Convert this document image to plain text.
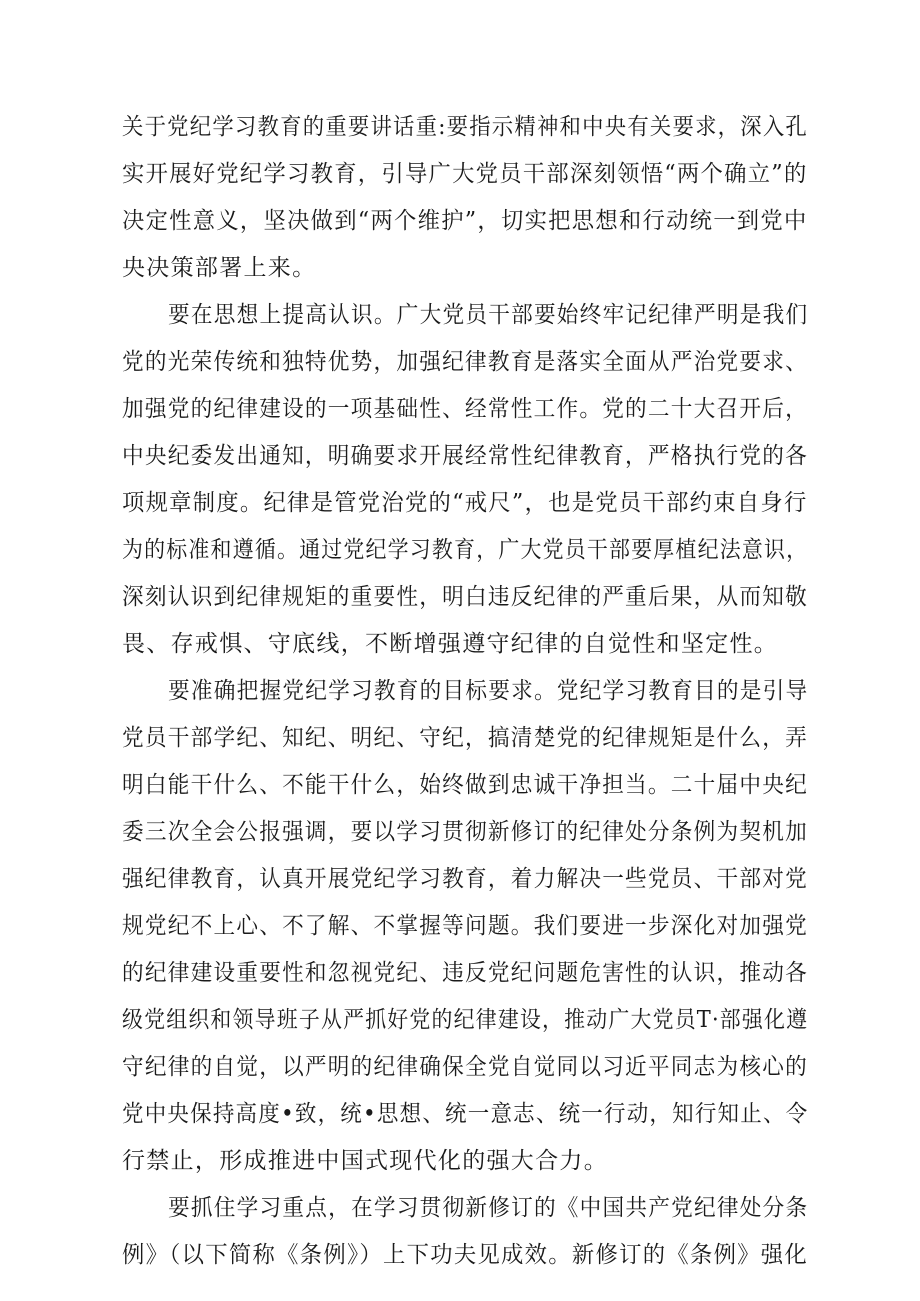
关于党纪学习教育的重要讲话重:要指示精神和中央有关要求，深入孔
实开展好党纪学习教育，引导广大党员干部深刻领悟“两个确立”的
决定性意义，坚决做到“两个维护”，切实把思想和行动统一到党中
央决策部署上来。
要在思想上提高认识。广大党员干部要始终牢记纪律严明是我们
党的光荣传统和独特优势，加强纪律教育是落实全面从严治党要求、
加强党的纪律建设的一项基础性、经常性工作。党的二十大召开后，
中央纪委发出通知，明确要求开展经常性纪律教育，严格执行党的各
项规章制度。纪律是管党治党的“戒尺”，也是党员干部约束自身行
为的标准和遵循。通过党纪学习教育，广大党员干部要厚植纪法意识，
深刻认识到纪律规矩的重要性，明白违反纪律的严重后果，从而知敬
畏、存戒惧、守底线，不断增强遵守纪律的自觉性和坚定性。
要准确把握党纪学习教育的目标要求。党纪学习教育目的是引导
党员干部学纪、知纪、明纪、守纪，搞清楚党的纪律规矩是什么，弄
明白能干什么、不能干什么，始终做到忠诚干净担当。二十届中央纪
委三次全会公报强调，要以学习贯彻新修订的纪律处分条例为契机加
强纪律教育，认真开展党纪学习教育，着力解决一些党员、干部对党
规党纪不上心、不了解、不掌握等问题。我们要进一步深化对加强党
的纪律建设重要性和忽视党纪、违反党纪问题危害性的认识，推动各
级党组织和领导班子从严抓好党的纪律建设，推动广大党员T·部强化遵
守纪律的自觉，以严明的纪律确保全党自觉同以习近平同志为核心的
党中央保持高度•致，统•思想、统一意志、统一行动，知行知止、令
行禁止，形成推进中国式现代化的强大合力。
要抓住学习重点，在学习贯彻新修订的《中国共产党纪律处分条
例》（以下简称《条例》）上下功夫见成效。新修订的《条例》强化
